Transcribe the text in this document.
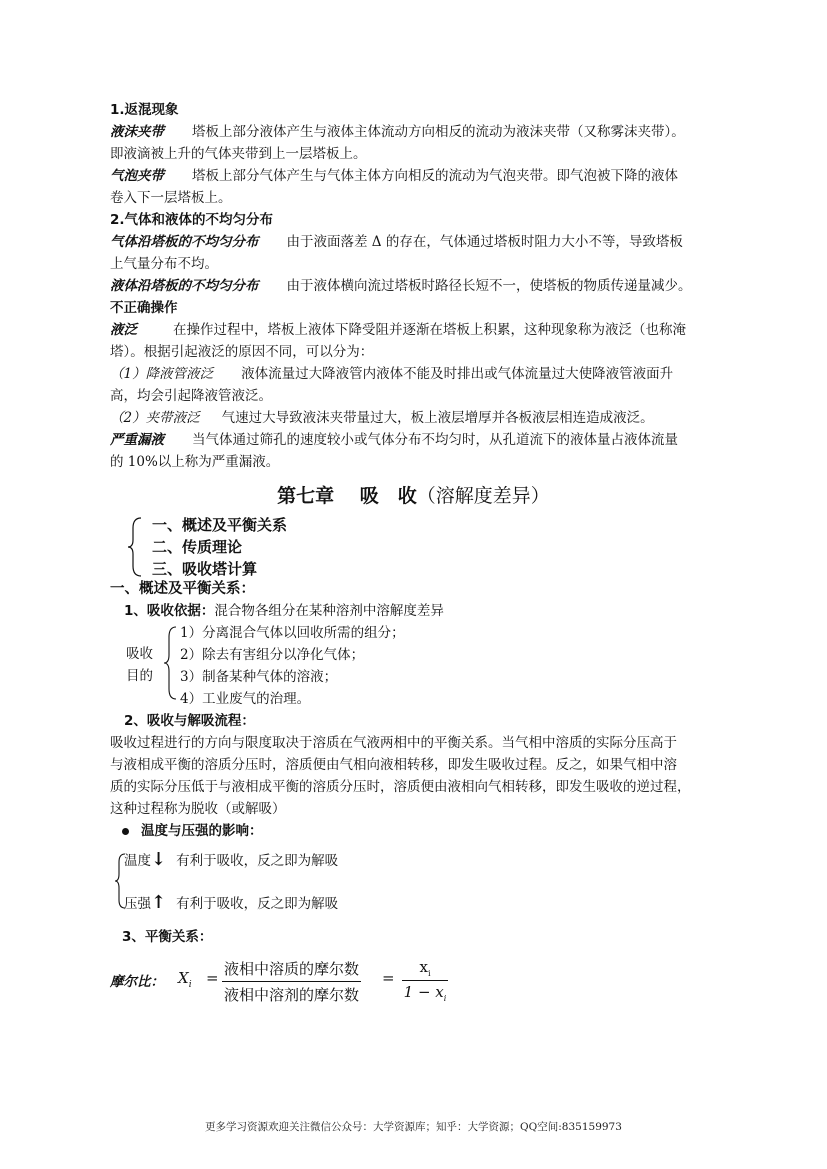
1.返混现象
液沫夹带 塔板上部分液体产生与液体主体流动方向相反的流动为液沫夹带（又称雾沫夹带）。
即液滴被上升的气体夹带到上一层塔板上。
气泡夹带 塔板上部分气体产生与气体主体方向相反的流动为气泡夹带。即气泡被下降的液体
卷入下一层塔板上。
2.气体和液体的不均匀分布
气体沿塔板的不均匀分布 由于液面落差 Δ 的存在，气体通过塔板时阻力大小不等，导致塔板
上气量分布不均。
液体沿塔板的不均匀分布 由于液体横向流过塔板时路径长短不一，使塔板的物质传递量减少。
不正确操作
液泛	在操作过程中，塔板上液体下降受阻并逐渐在塔板上积累，这种现象称为液泛（也称淹
塔）。根据引起液泛的原因不同，可以分为：
（1）降液管液泛 液体流量过大降液管内液体不能及时排出或气体流量过大使降液管液面升
高，均会引起降液管液泛。
（2）夹带液泛 气速过大导致液沫夹带量过大，板上液层增厚并各板液层相连造成液泛。
严重漏液 当气体通过筛孔的速度较小或气体分布不均匀时，从孔道流下的液体量占液体流量
的 10%以上称为严重漏液。
第七章　 吸　收（溶解度差异）
一、概述及平衡关系
二、传质理论
三、吸收塔计算
一、概述及平衡关系：
1、吸收依据：混合物各组分在某种溶剂中溶解度差异
吸收
目的
1）分离混合气体以回收所需的组分；
2）除去有害组分以净化气体；
3）制备某种气体的溶液；
4）工业废气的治理。
2、吸收与解吸流程：
吸收过程进行的方向与限度取决于溶质在气液两相中的平衡关系。当气相中溶质的实际分压高于
与液相成平衡的溶质分压时，溶质便由气相向液相转移，即发生吸收过程。反之，如果气相中溶
质的实际分压低于与液相成平衡的溶质分压时，溶质便由液相向气相转移，即发生吸收的逆过程，
这种过程称为脱收（或解吸）
温度与压强的影响：
温度↓ 有利于吸收，反之即为解吸
压强↑ 有利于吸收，反之即为解吸
3、平衡关系：
摩尔比： $X_i$ = 液相中溶质的摩尔数
液相中溶剂的摩尔数
= $\frac{x_i}{1 - x_i}$
更多学习资源欢迎关注微信公众号：大学资源库；知乎：大学资源；QQ空间:835159973
